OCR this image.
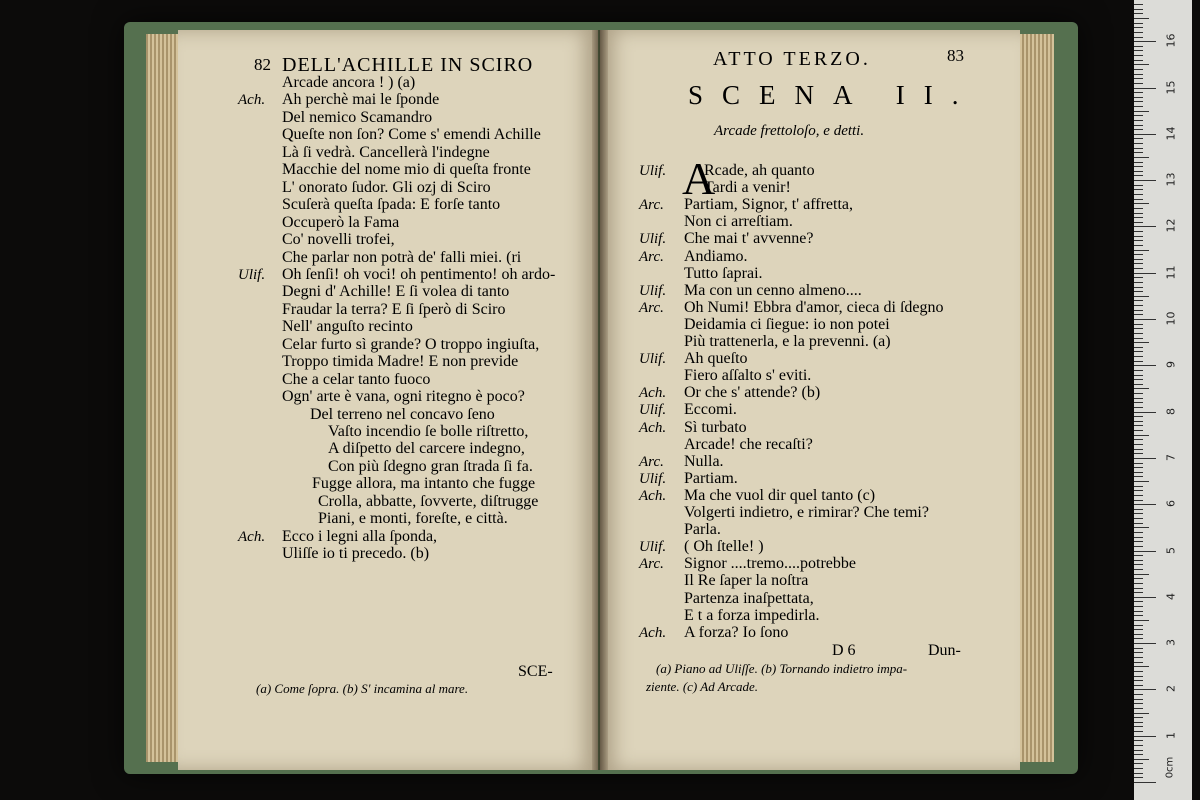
82 DELL'ACHILLE IN SCIRO
Arcade ancora ! ) (a)
Ach. Ah perchè mai le ſponde
Del nemico Scamandro
Queſte non ſon? Come s' emendi Achille
Là ſi vedrà. Cancellerà l'indegne
Macchie del nome mio di queſta fronte
L' onorato ſudor. Gli ozj di Sciro
Scuſerà queſta ſpada: E forſe tanto
Occuperò la Fama
Co' novelli trofei,
Che parlar non potrà de' falli miei. (ri
Ulif. Oh ſenſi! oh voci! oh pentimento! oh ardo-
Degni d' Achille! E ſi volea di tanto
Fraudar la terra? E ſi ſperò di Sciro
Nell' anguſto recinto
Celar furto sì grande? O troppo ingiuſta,
Troppo timida Madre! E non previde
Che a celar tanto fuoco
Ogn' arte è vana, ogni ritegno è poco?
Del terreno nel concavo ſeno
Vaſto incendio ſe bolle riſtretto,
A diſpetto del carcere indegno,
Con più ſdegno gran ſtrada ſi fa.
Fugge allora, ma intanto che fugge
Crolla, abbatte, ſovverte, diſtrugge
Piani, e monti, foreſte, e città.
Ach. Ecco i legni alla ſponda,
Uliſſe io ti precedo. (b)
SCE-
(a) Come ſopra. (b) S' incamina al mare.
ATTO TERZO.	83
SCENA II.
Arcade frettoloſo, e detti.
A
Ulif. Rcade, ah quanto
Tardi a venir!
Arc. Partiam, Signor, t' affretta,
Non ci arreſtiam.
Ulif. Che mai t' avvenne?
Arc. Andiamo.
Tutto ſaprai.
Ulif. Ma con un cenno almeno....
Arc. Oh Numi! Ebbra d'amor, cieca di ſdegno
Deidamia ci ſiegue: io non potei
Più trattenerla, e la prevenni. (a)
Ulif. Ah queſto
Fiero aſſalto s' eviti.
Ach. Or che s' attende? (b)
Ulif. Eccomi.
Ach. Sì turbato
Arcade! che recaſti?
Arc. Nulla.
Ulif. Partiam.
Ach. Ma che vuol dir quel tanto (c)
Volgerti indietro, e rimirar? Che temi?
Parla.
Ulif. ( Oh ſtelle! )
Arc. Signor ....tremo....potrebbe
Il Re ſaper la noſtra
Partenza inaſpettata,
E t a forza impedirla.
Ach. A forza? Io ſono
D 6	Dun-
(a) Piano ad Uliſſe. (b) Tornando indietro impa-
ziente. (c) Ad Arcade.
1
2
3
4
5
6
7
8
9
10
11
12
13
14
15
16
0cm
